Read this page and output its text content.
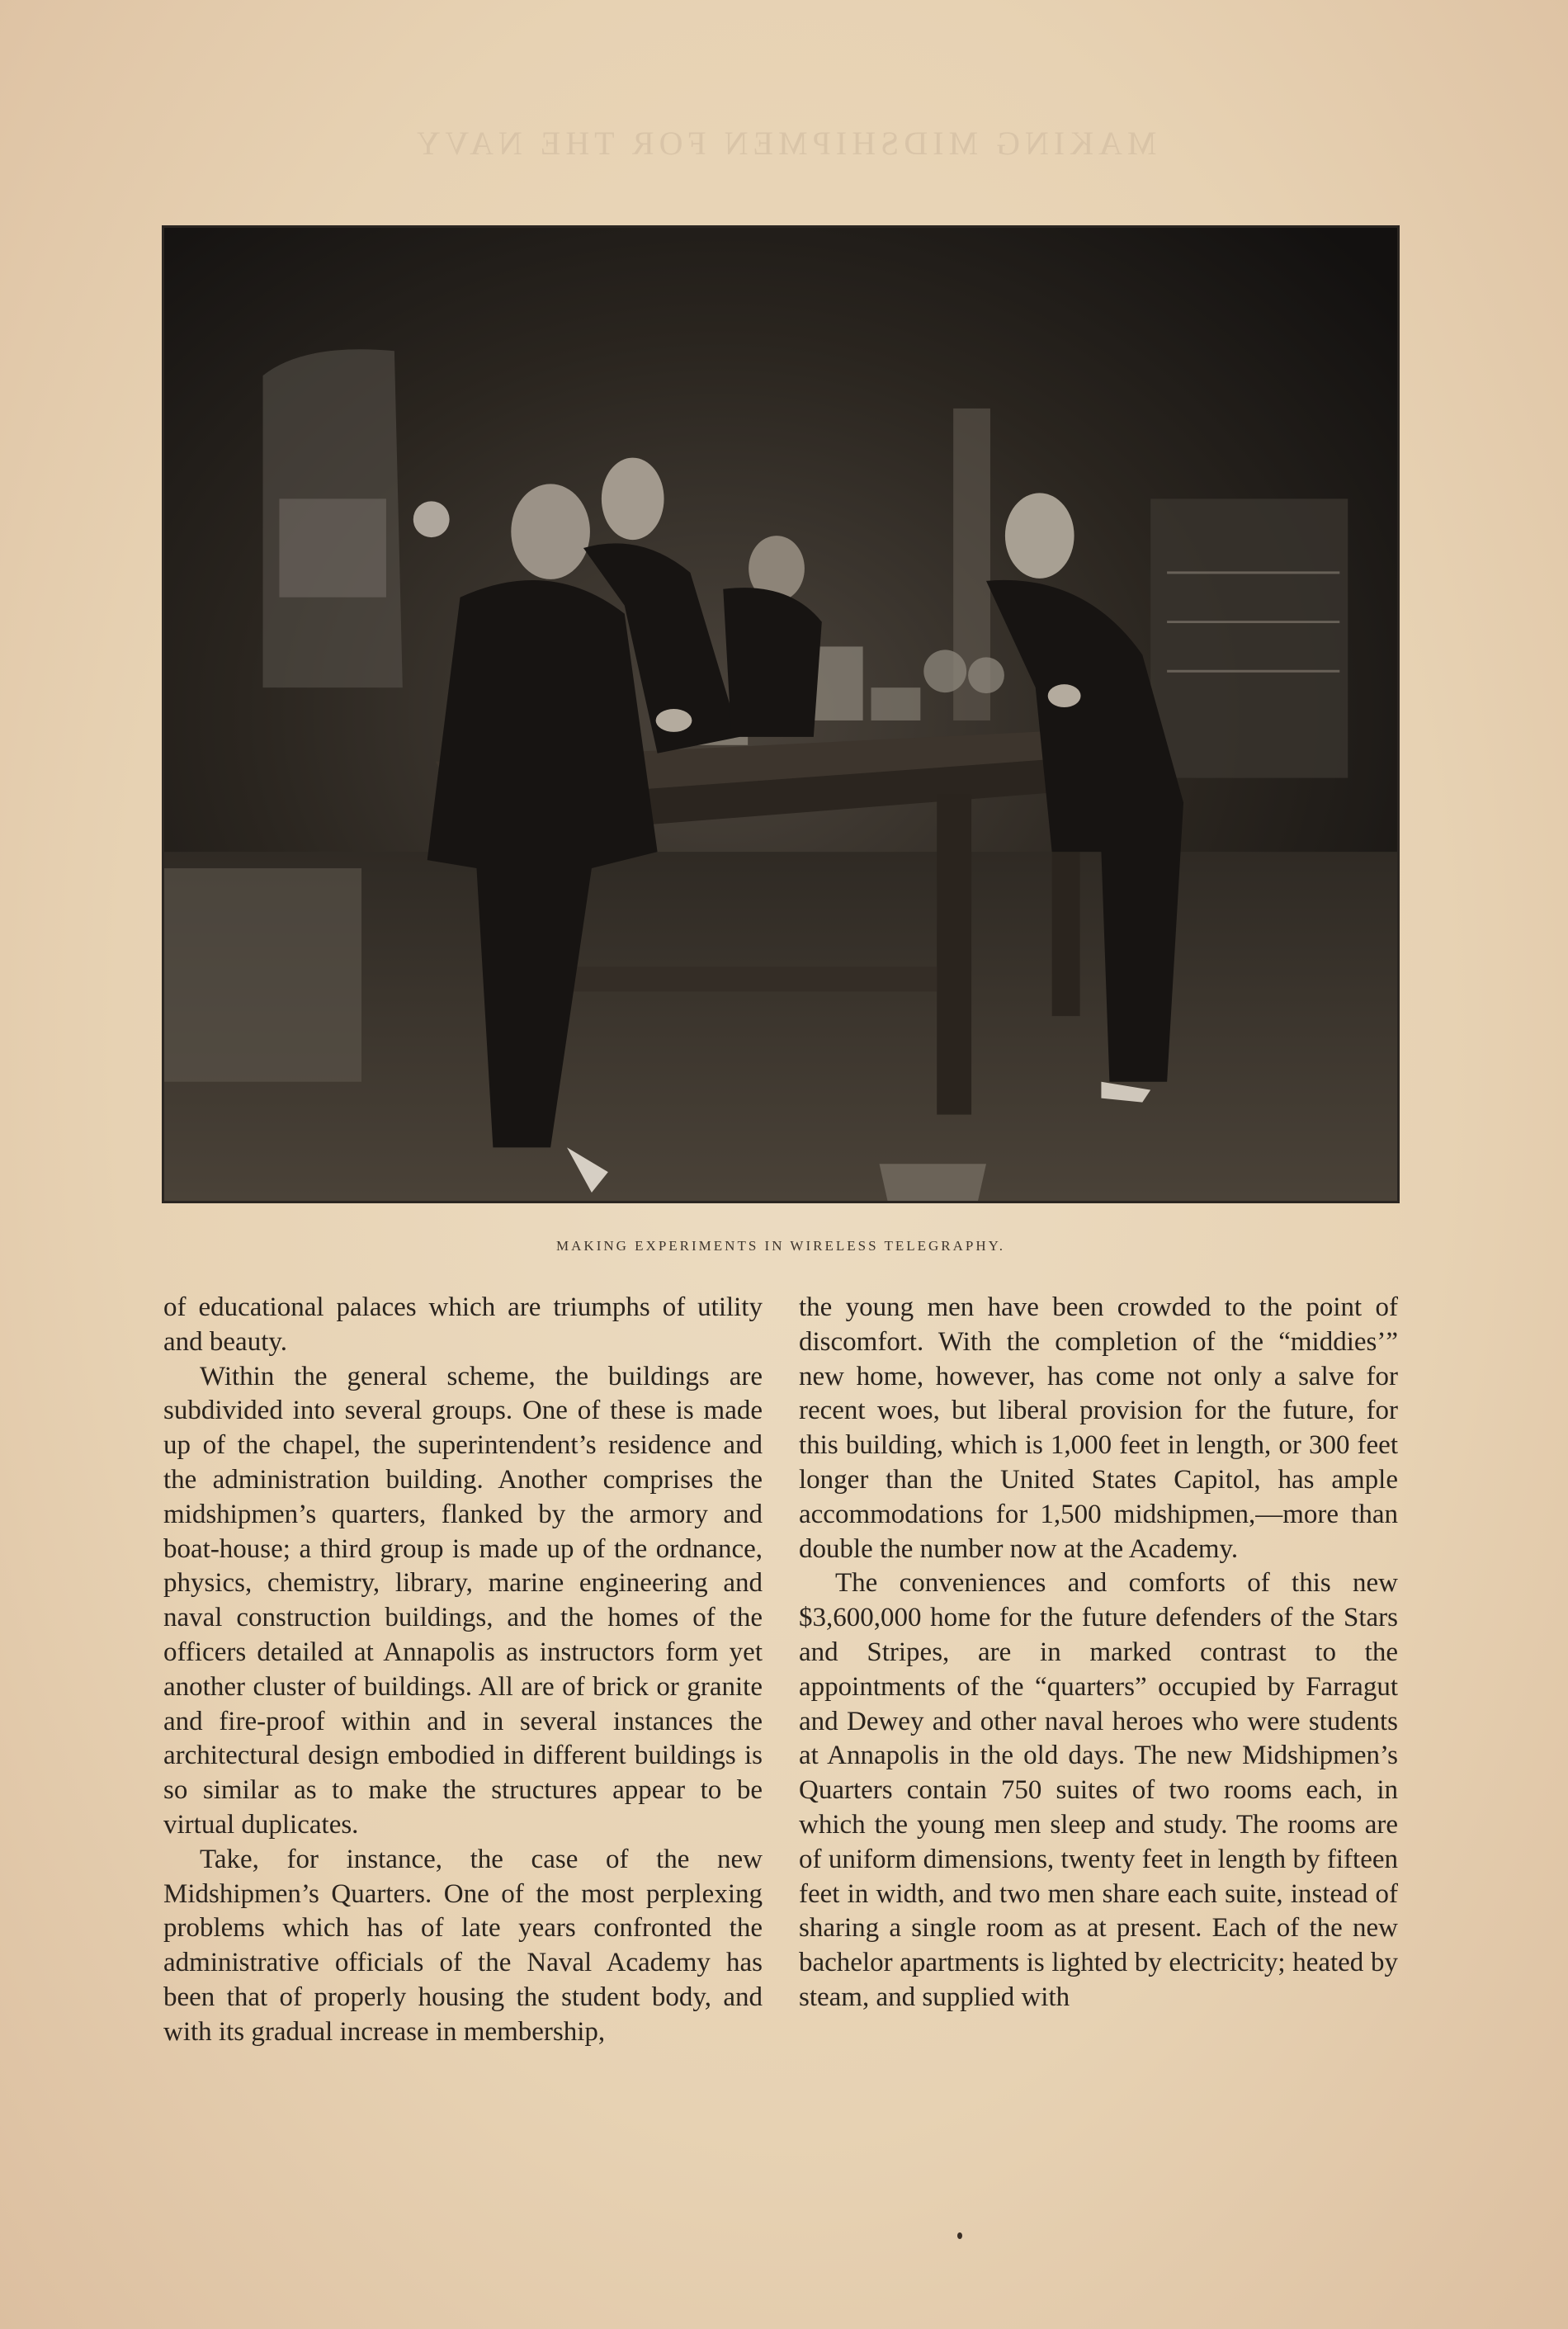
MAKING MIDSHIPMEN FOR THE NAVY
MAKING EXPERIMENTS IN WIRELESS TELEGRAPHY.

of educational palaces which are triumphs of utility and beauty.

Within the general scheme, the buildings are subdivided into several groups. One of these is made up of the chapel, the superintendent’s residence and the administration building. Another comprises the midshipmen’s quarters, flanked by the armory and boat-house; a third group is made up of the ordnance, physics, chemistry, library, marine engineering and naval construction buildings, and the homes of the officers detailed at Annapolis as instructors form yet another cluster of buildings. All are of brick or granite and fire-proof within and in several instances the architectural design embodied in different buildings is so similar as to make the structures appear to be virtual duplicates.

Take, for instance, the case of the new Midshipmen’s Quarters. One of the most perplexing problems which has of late years confronted the administrative officials of the Naval Academy has been that of properly housing the student body, and with its gradual increase in membership,

the young men have been crowded to the point of discomfort. With the completion of the “middies’” new home, however, has come not only a salve for recent woes, but liberal provision for the future, for this building, which is 1,000 feet in length, or 300 feet longer than the United States Capitol, has ample accommodations for 1,500 midshipmen,—more than double the number now at the Academy.

The conveniences and comforts of this new $3,600,000 home for the future defenders of the Stars and Stripes, are in marked contrast to the appointments of the “quarters” occupied by Farragut and Dewey and other naval heroes who were students at Annapolis in the old days. The new Midshipmen’s Quarters contain 750 suites of two rooms each, in which the young men sleep and study. The rooms are of uniform dimensions, twenty feet in length by fifteen feet in width, and two men share each suite, instead of sharing a single room as at present. Each of the new bachelor apartments is lighted by electricity; heated by steam, and supplied with
